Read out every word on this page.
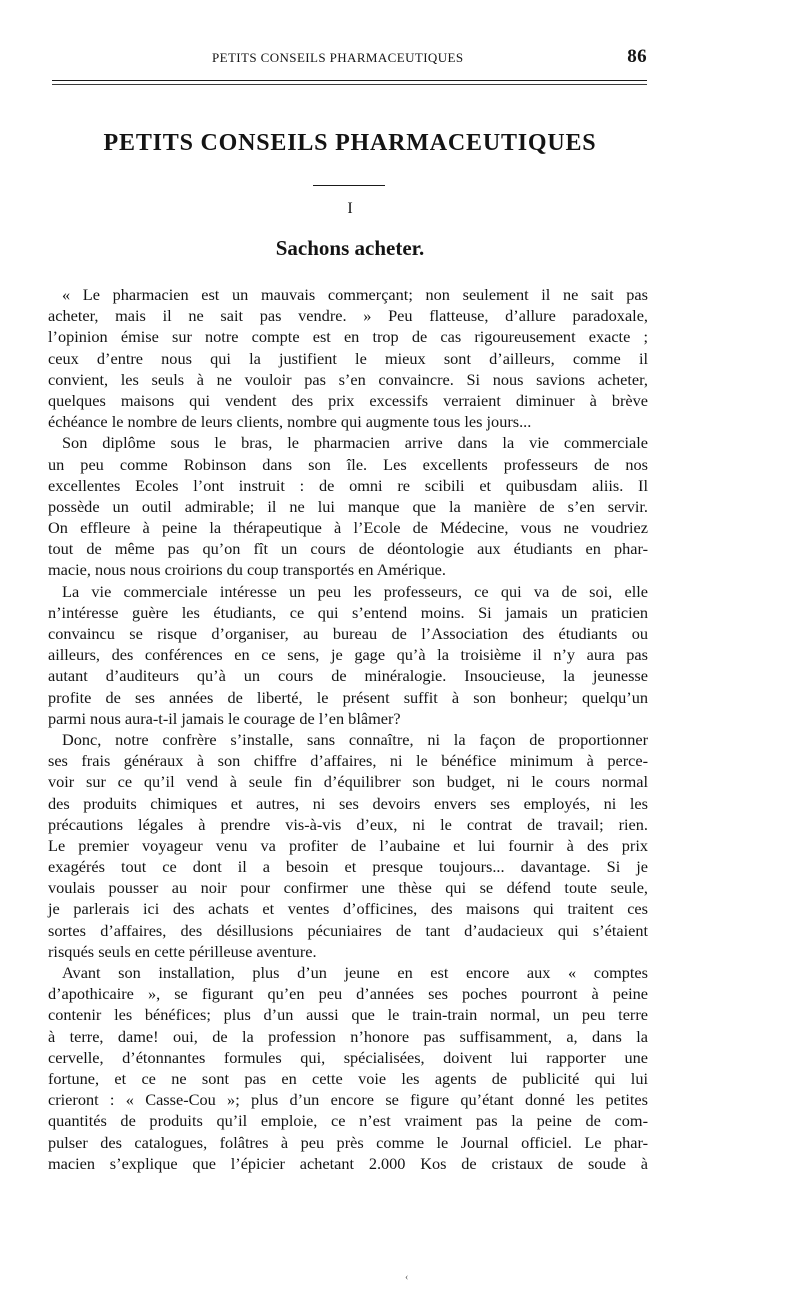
PETITS CONSEILS PHARMACEUTIQUES	86
PETITS CONSEILS PHARMACEUTIQUES
I
Sachons acheter.
« Le pharmacien est un mauvais commerçant; non seulement il ne sait pas
acheter, mais il ne sait pas vendre. » Peu flatteuse, d’allure paradoxale,
l’opinion émise sur notre compte est en trop de cas rigoureusement exacte ;
ceux d’entre nous qui la justifient le mieux sont d’ailleurs, comme il
convient, les seuls à ne vouloir pas s’en convaincre. Si nous savions acheter,
quelques maisons qui vendent des prix excessifs verraient diminuer à brève
échéance le nombre de leurs clients, nombre qui augmente tous les jours...
Son diplôme sous le bras, le pharmacien arrive dans la vie commerciale
un peu comme Robinson dans son île. Les excellents professeurs de nos
excellentes Ecoles l’ont instruit : de omni re scibili et quibusdam aliis. Il
possède un outil admirable; il ne lui manque que la manière de s’en servir.
On effleure à peine la thérapeutique à l’Ecole de Médecine, vous ne voudriez
tout de même pas qu’on fît un cours de déontologie aux étudiants en phar-
macie, nous nous croirions du coup transportés en Amérique.
La vie commerciale intéresse un peu les professeurs, ce qui va de soi, elle
n’intéresse guère les étudiants, ce qui s’entend moins. Si jamais un praticien
convaincu se risque d’organiser, au bureau de l’Association des étudiants ou
ailleurs, des conférences en ce sens, je gage qu’à la troisième il n’y aura pas
autant d’auditeurs qu’à un cours de minéralogie. Insoucieuse, la jeunesse
profite de ses années de liberté, le présent suffit à son bonheur; quelqu’un
parmi nous aura-t-il jamais le courage de l’en blâmer?
Donc, notre confrère s’installe, sans connaître, ni la façon de proportionner
ses frais généraux à son chiffre d’affaires, ni le bénéfice minimum à perce-
voir sur ce qu’il vend à seule fin d’équilibrer son budget, ni le cours normal
des produits chimiques et autres, ni ses devoirs envers ses employés, ni les
précautions légales à prendre vis-à-vis d’eux, ni le contrat de travail; rien.
Le premier voyageur venu va profiter de l’aubaine et lui fournir à des prix
exagérés tout ce dont il a besoin et presque toujours... davantage. Si je
voulais pousser au noir pour confirmer une thèse qui se défend toute seule,
je parlerais ici des achats et ventes d’officines, des maisons qui traitent ces
sortes d’affaires, des désillusions pécuniaires de tant d’audacieux qui s’étaient
risqués seuls en cette périlleuse aventure.
Avant son installation, plus d’un jeune en est encore aux « comptes
d’apothicaire », se figurant qu’en peu d’années ses poches pourront à peine
contenir les bénéfices; plus d’un aussi que le train-train normal, un peu terre
à terre, dame! oui, de la profession n’honore pas suffisamment, a, dans la
cervelle, d’étonnantes formules qui, spécialisées, doivent lui rapporter une
fortune, et ce ne sont pas en cette voie les agents de publicité qui lui
crieront : « Casse-Cou »; plus d’un encore se figure qu’étant donné les petites
quantités de produits qu’il emploie, ce n’est vraiment pas la peine de com-
pulser des catalogues, folâtres à peu près comme le Journal officiel. Le phar-
macien s’explique que l’épicier achetant 2.000 Kos de cristaux de soude à
‹
